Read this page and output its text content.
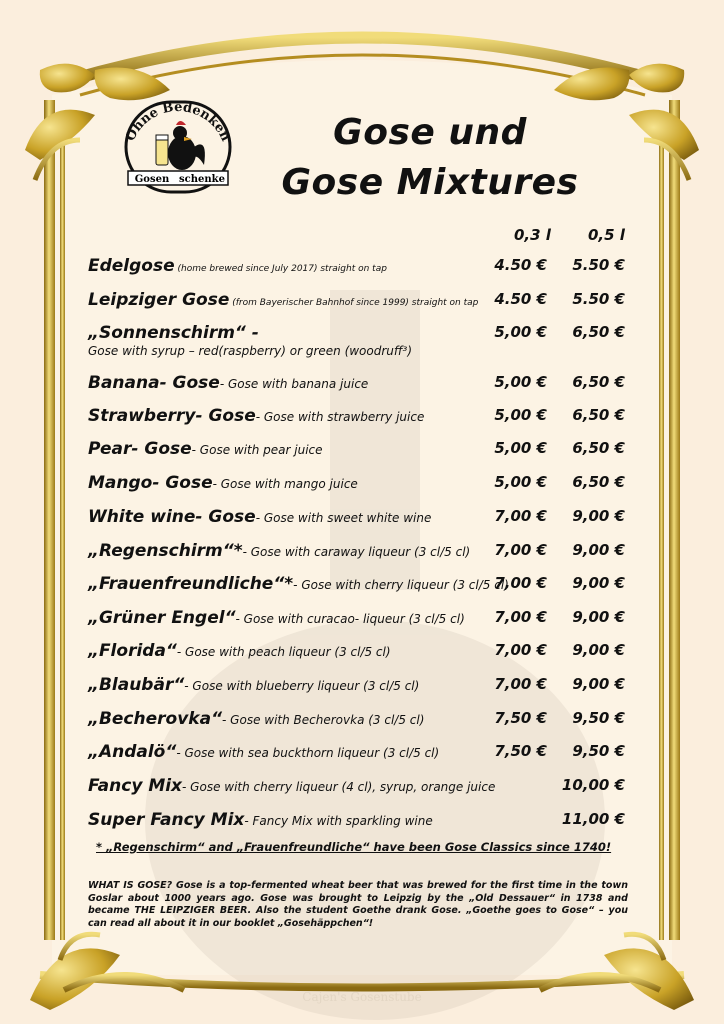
Ohne Bedenken
Gosen schenke
Gose und
Gose Mixtures
0,3 l 0,5 l
Edelgose (home brewed since July 2017) straight on tap	4.50 €	5.50 €
Leipziger Gose (from Bayerischer Bahnhof since 1999) straight on tap	4.50 €	5.50 €
„Sonnenschirm“ -
Gose with syrup – red(raspberry) or green (woodruff³)
5,00 €	6,50 €
Banana- Gose- Gose with banana juice	5,00 €	6,50 €
Strawberry- Gose- Gose with strawberry juice	5,00 €	6,50 €
Pear- Gose- Gose with pear juice	5,00 €	6,50 €
Mango- Gose- Gose with mango juice	5,00 €	6,50 €
White wine- Gose- Gose with sweet white wine	7,00 €	9,00 €
„Regenschirm“*- Gose with caraway liqueur (3 cl/5 cl)	7,00 €	9,00 €
„Frauenfreundliche“*- Gose with cherry liqueur (3 cl/5 cl)
7,00 €	9,00 €
„Grüner Engel“- Gose with curacao- liqueur (3 cl/5 cl)	7,00 €	9,00 €
„Florida“- Gose with peach liqueur (3 cl/5 cl)	7,00 €	9,00 €
„Blaubär“- Gose with blueberry liqueur (3 cl/5 cl)	7,00 €	9,00 €
„Becherovka“- Gose with Becherovka (3 cl/5 cl)	7,50 €	9,50 €
„Andalö“- Gose with sea buckthorn liqueur (3 cl/5 cl)	7,50 €	9,50 €
Fancy Mix- Gose with cherry liqueur (4 cl), syrup, orange juice	10,00 €
Super Fancy Mix- Fancy Mix with sparkling wine	11,00 €
* „Regenschirm“ and „Frauenfreundliche“ have been Gose Classics since 1740!
WHAT IS GOSE? Gose is a top-fermented wheat beer that was brewed for the first time in the town Goslar about 1000 years ago. Gose was brought to Leipzig by the „Old Dessauer“ in 1738 and became THE LEIPZIGER BEER. Also the student Goethe drank Gose. „Goethe goes to Gose“ – you can read all about it in our booklet „Gosehäppchen“!
Cajen's Gosenstube
